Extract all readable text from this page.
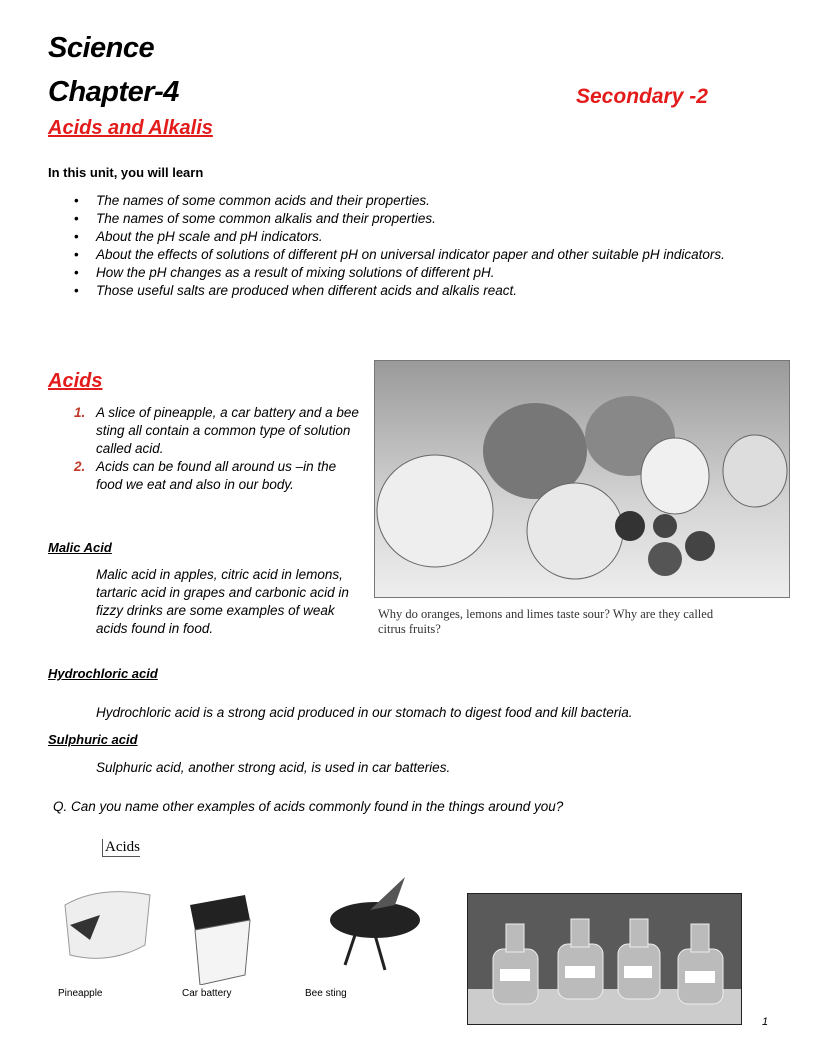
Science
Chapter-4	Secondary -2
Acids and Alkalis
In this unit, you will learn
• The names of some common acids and their properties.
• The names of some common alkalis and their properties.
• About the pH scale and pH indicators.
• About the effects of solutions of different pH on universal indicator paper and other suitable pH indicators.
• How the pH changes as a result of mixing solutions of different pH.
• Those useful salts are produced when different acids and alkalis react.
Acids
1. A slice of pineapple, a car battery and a bee sting all contain a common type of solution called acid.
2. Acids can be found all around us –in the food we eat and also in our body.
Why do oranges, lemons and limes taste sour? Why are they called citrus fruits?
Malic Acid
Malic acid in apples, citric acid in lemons, tartaric acid in grapes and carbonic acid in fizzy drinks are some examples of weak acids found in food.
Hydrochloric acid
Hydrochloric acid is a strong acid produced in our stomach to digest food and kill bacteria.
Sulphuric acid
Sulphuric acid, another strong acid, is used in car batteries.
Q. Can you name other examples of acids commonly found in the things around you?
Acids
Pineapple	Car battery	Bee sting
1
